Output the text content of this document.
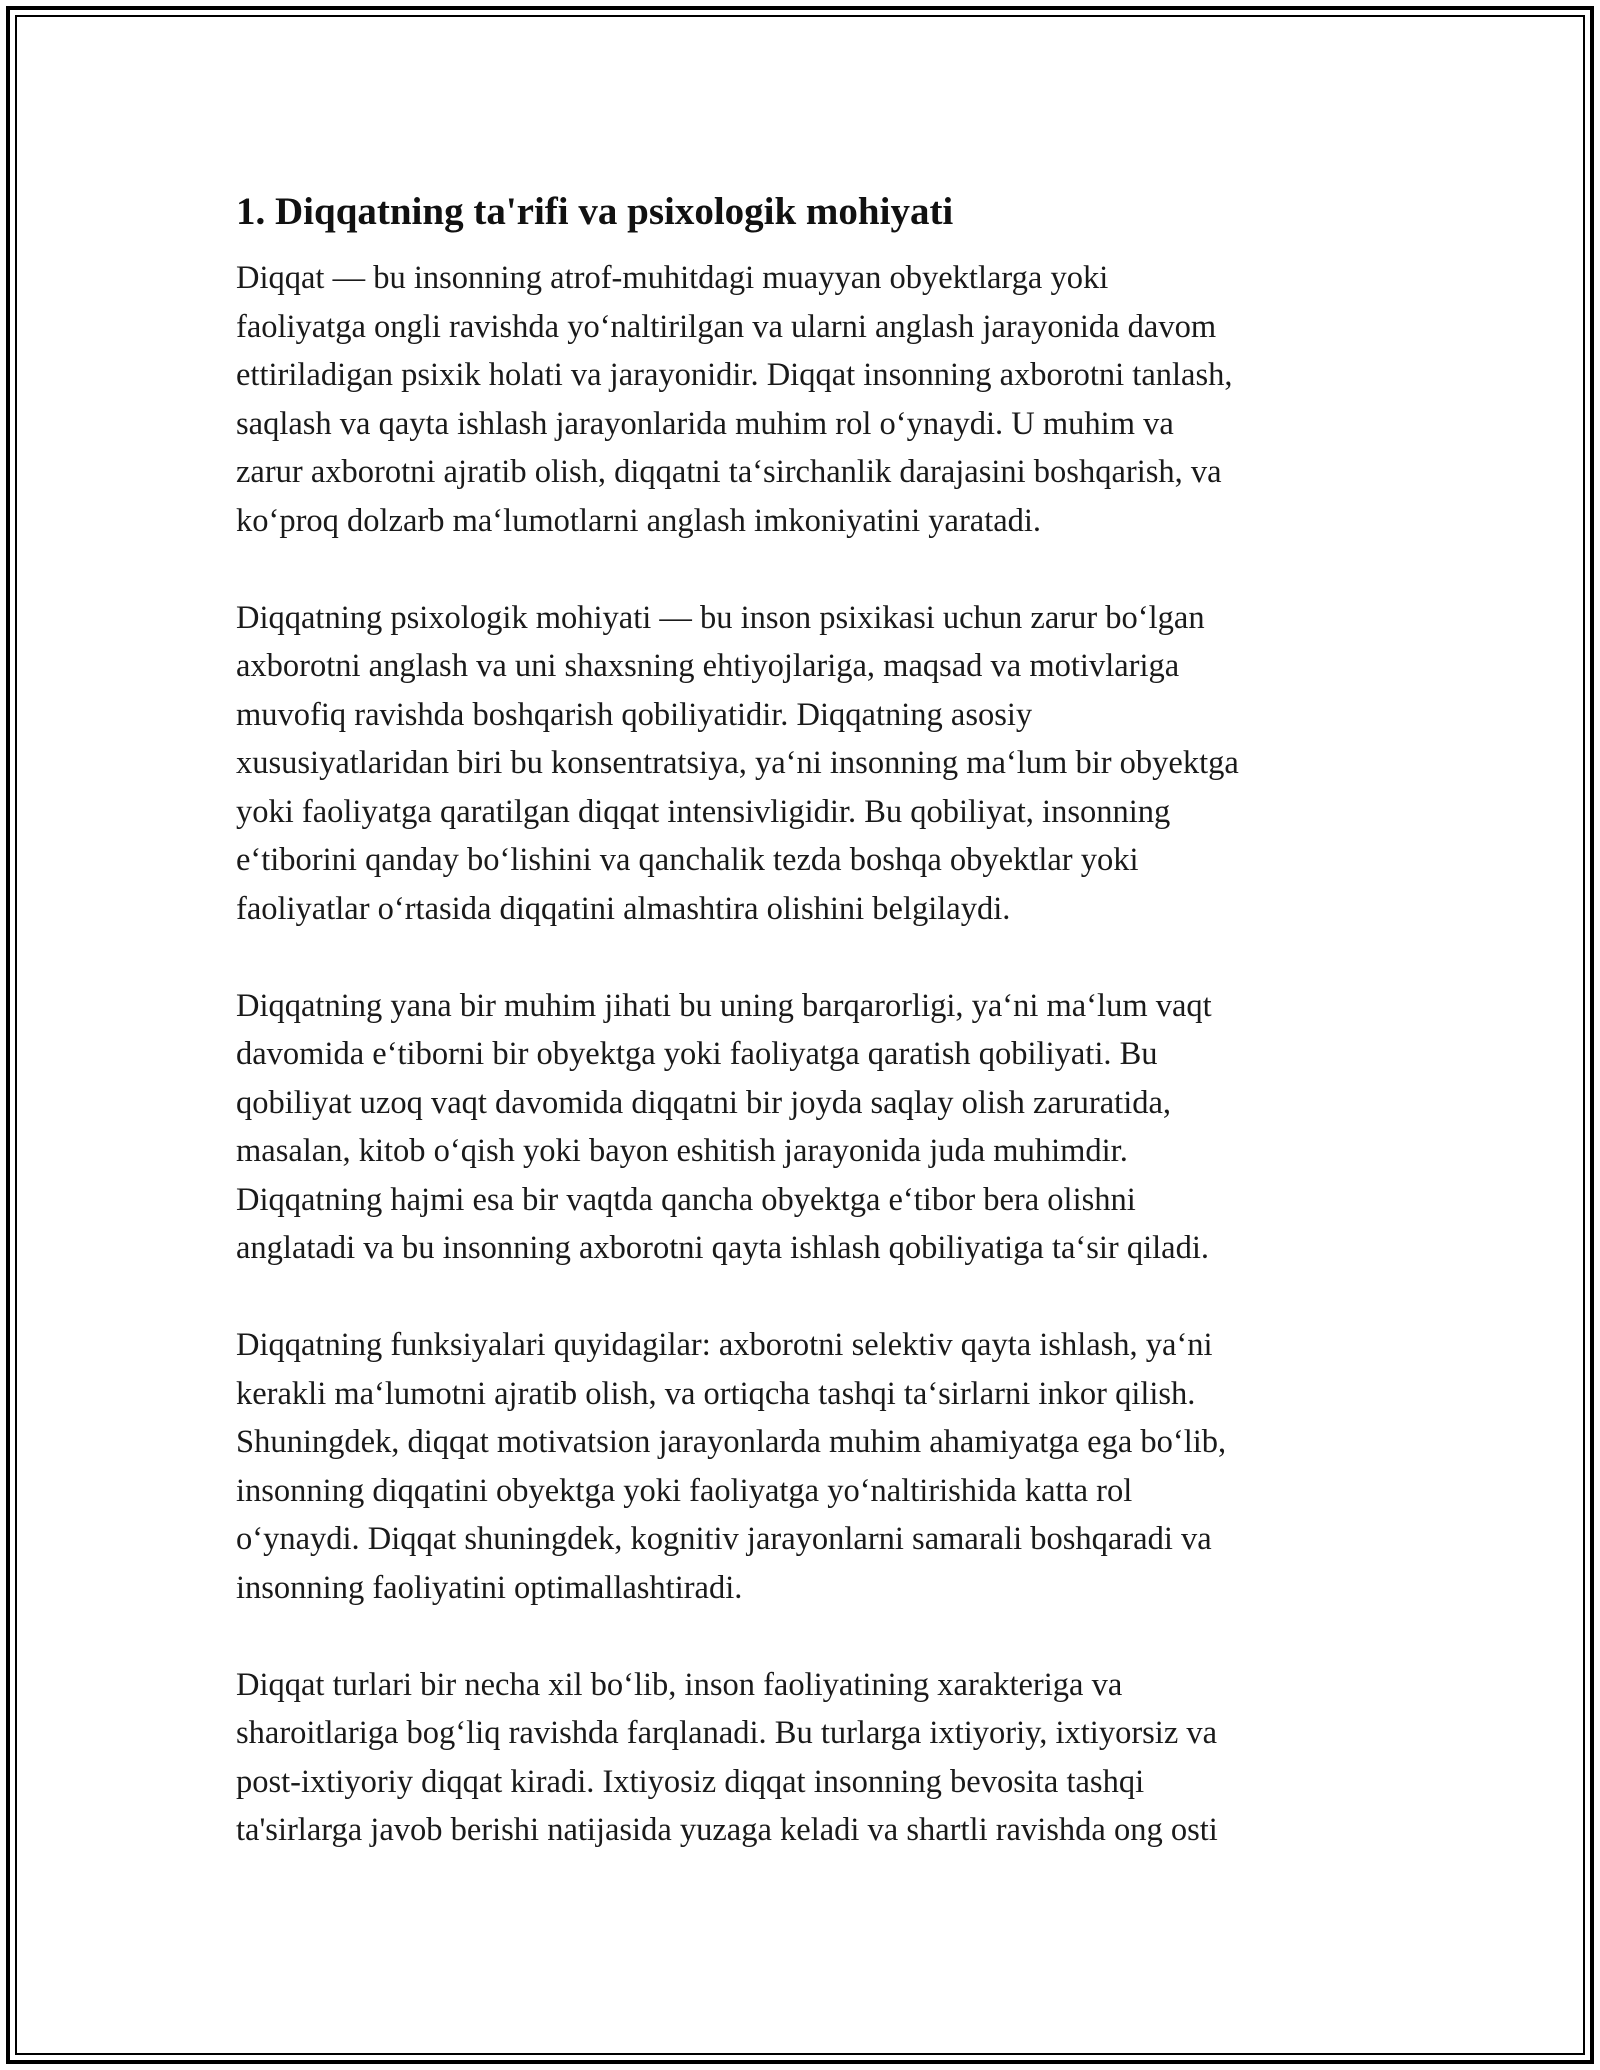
1. Diqqatning ta'rifi va psixologik mohiyati

Diqqat — bu insonning atrof-muhitdagi muayyan obyektlarga yoki
faoliyatga ongli ravishda yo‘naltirilgan va ularni anglash jarayonida davom
ettiriladigan psixik holati va jarayonidir. Diqqat insonning axborotni tanlash,
saqlash va qayta ishlash jarayonlarida muhim rol o‘ynaydi. U muhim va
zarur axborotni ajratib olish, diqqatni ta‘sirchanlik darajasini boshqarish, va
ko‘proq dolzarb ma‘lumotlarni anglash imkoniyatini yaratadi.

Diqqatning psixologik mohiyati — bu inson psixikasi uchun zarur bo‘lgan
axborotni anglash va uni shaxsning ehtiyojlariga, maqsad va motivlariga
muvofiq ravishda boshqarish qobiliyatidir. Diqqatning asosiy
xususiyatlaridan biri bu konsentratsiya, ya‘ni insonning ma‘lum bir obyektga
yoki faoliyatga qaratilgan diqqat intensivligidir. Bu qobiliyat, insonning
e‘tiborini qanday bo‘lishini va qanchalik tezda boshqa obyektlar yoki
faoliyatlar o‘rtasida diqqatini almashtira olishini belgilaydi.

Diqqatning yana bir muhim jihati bu uning barqarorligi, ya‘ni ma‘lum vaqt
davomida e‘tiborni bir obyektga yoki faoliyatga qaratish qobiliyati. Bu
qobiliyat uzoq vaqt davomida diqqatni bir joyda saqlay olish zaruratida,
masalan, kitob o‘qish yoki bayon eshitish jarayonida juda muhimdir.
Diqqatning hajmi esa bir vaqtda qancha obyektga e‘tibor bera olishni
anglatadi va bu insonning axborotni qayta ishlash qobiliyatiga ta‘sir qiladi.

Diqqatning funksiyalari quyidagilar: axborotni selektiv qayta ishlash, ya‘ni
kerakli ma‘lumotni ajratib olish, va ortiqcha tashqi ta‘sirlarni inkor qilish.
Shuningdek, diqqat motivatsion jarayonlarda muhim ahamiyatga ega bo‘lib,
insonning diqqatini obyektga yoki faoliyatga yo‘naltirishida katta rol
o‘ynaydi. Diqqat shuningdek, kognitiv jarayonlarni samarali boshqaradi va
insonning faoliyatini optimallashtiradi.

Diqqat turlari bir necha xil bo‘lib, inson faoliyatining xarakteriga va
sharoitlariga bog‘liq ravishda farqlanadi. Bu turlarga ixtiyoriy, ixtiyorsiz va
post-ixtiyoriy diqqat kiradi. Ixtiyosiz diqqat insonning bevosita tashqi
ta'sirlarga javob berishi natijasida yuzaga keladi va shartli ravishda ong osti
